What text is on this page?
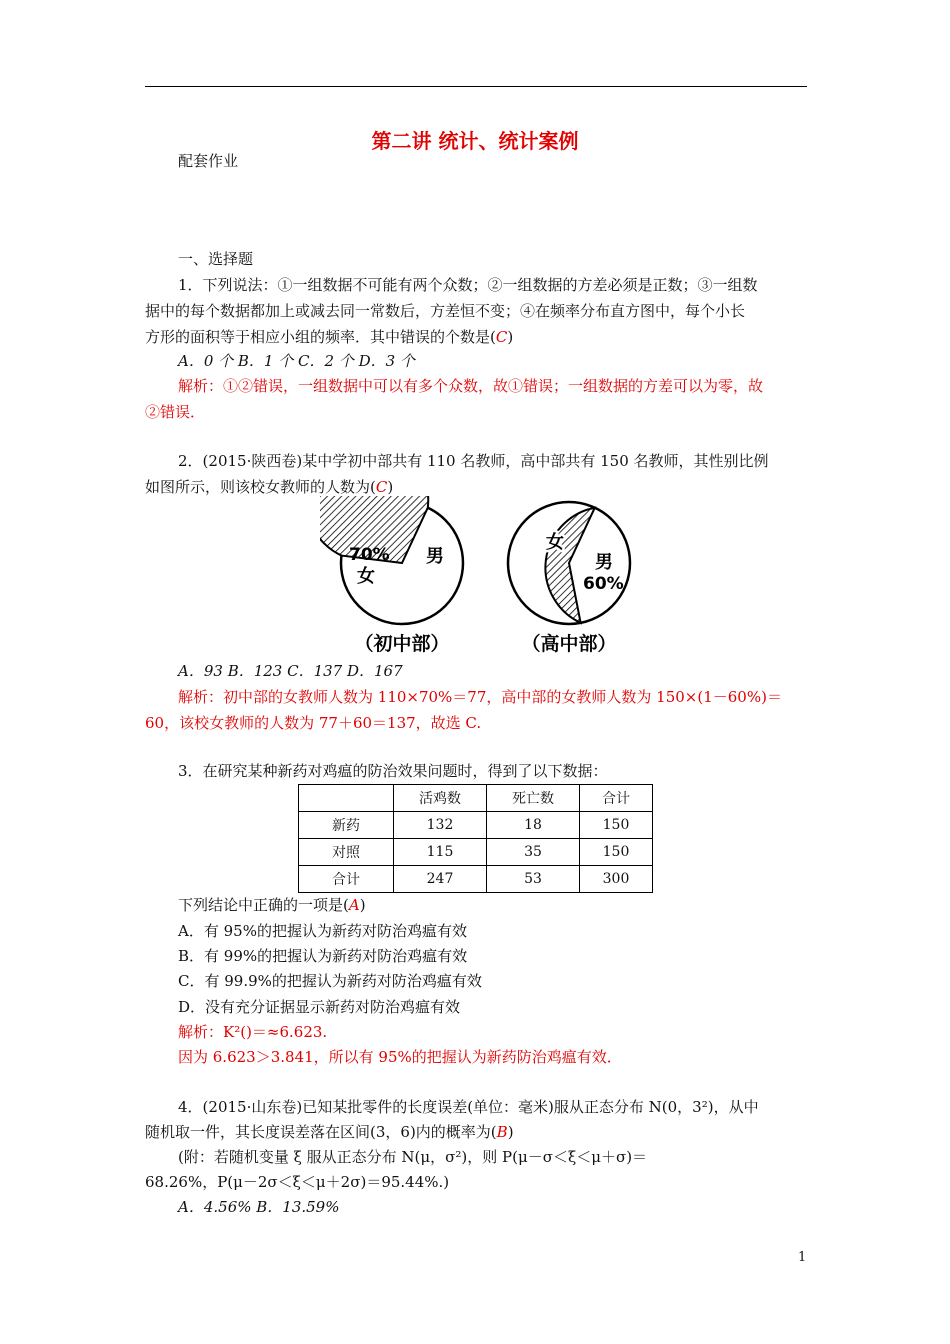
第二讲 统计、统计案例
配套作业
一、选择题
1．下列说法：①一组数据不可能有两个众数；②一组数据的方差必须是正数；③一组数
据中的每个数据都加上或减去同一常数后，方差恒不变；④在频率分布直方图中，每个小长
方形的面积等于相应小组的频率．其中错误的个数是(C)
A．0 个 B．1 个 C．2 个 D．3 个
解析：①②错误，一组数据中可以有多个众数，故①错误；一组数据的方差可以为零，故
②错误．
2．(2015·陕西卷)某中学初中部共有 110 名教师，高中部共有 150 名教师，其性别比例
如图所示，则该校女教师的人数为(C)
70%
女
男
（初中部）
女
男
60%
（高中部）
A．93 B．123 C．137 D．167
解析：初中部的女教师人数为 110×70%＝77，高中部的女教师人数为 150×(1－60%)＝
60，该校女教师的人数为 77＋60＝137，故选 C.
3．在研究某种新药对鸡瘟的防治效果问题时，得到了以下数据：
	活鸡数	死亡数	合计
新药	132	18	150
对照	115	35	150
合计	247	53	300
下列结论中正确的一项是(A)
A．有 95%的把握认为新药对防治鸡瘟有效
B．有 99%的把握认为新药对防治鸡瘟有效
C．有 99.9%的把握认为新药对防治鸡瘟有效
D．没有充分证据显示新药对防治鸡瘟有效
解析：K²()＝≈6.623.
因为 6.623＞3.841，所以有 95%的把握认为新药防治鸡瘟有效．
4．(2015·山东卷)已知某批零件的长度误差(单位：毫米)服从正态分布 N(0，3²)，从中
随机取一件，其长度误差落在区间(3，6)内的概率为(B)
(附：若随机变量 ξ 服从正态分布 N(μ，σ²)，则 P(μ－σ＜ξ＜μ＋σ)＝
68.26%，P(μ－2σ＜ξ＜μ＋2σ)＝95.44%.)
A．4.56% B．13.59%
1
